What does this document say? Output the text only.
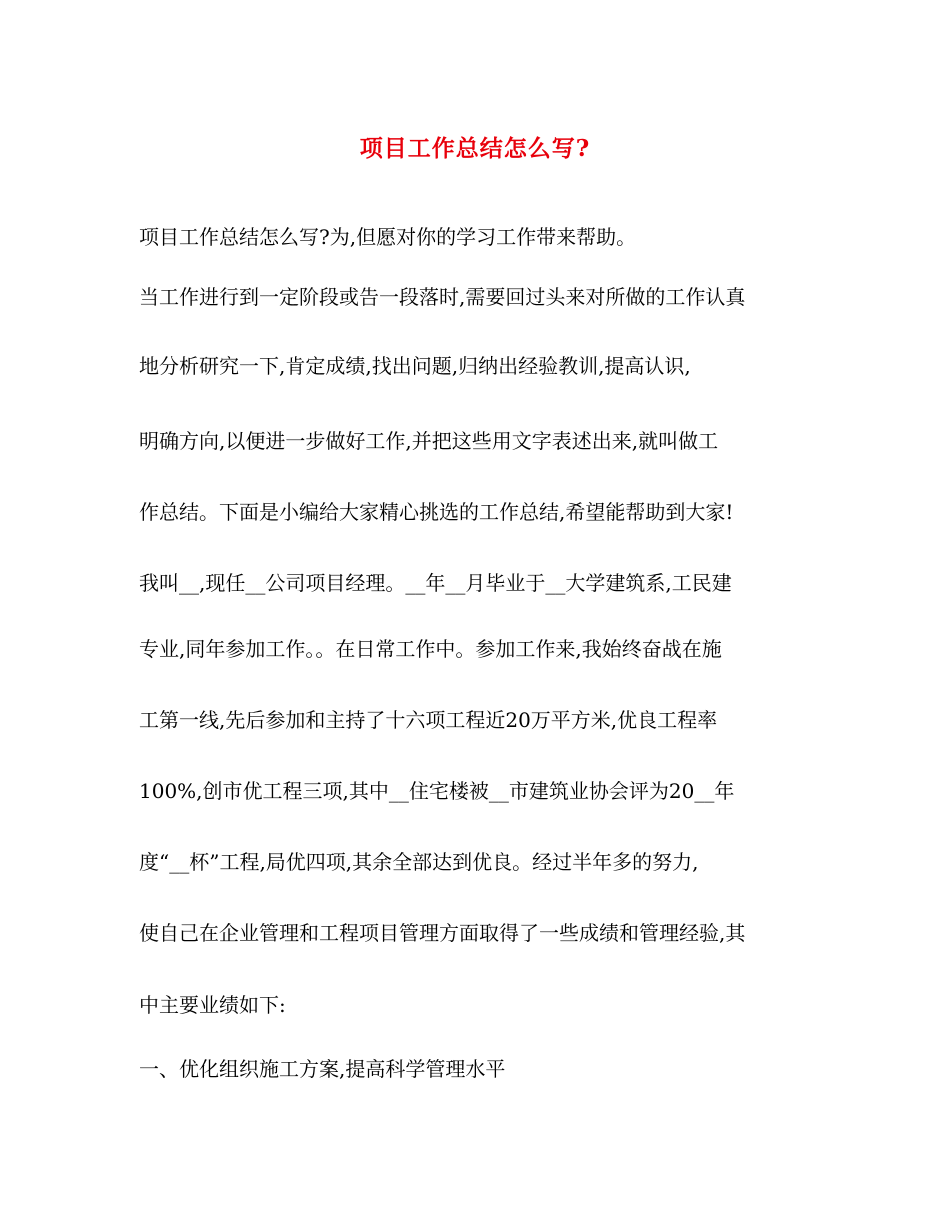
项目工作总结怎么写?

项目工作总结怎么写?为,但愿对你的学习工作带来帮助。

当工作进行到一定阶段或告一段落时,需要回过头来对所做的工作认真

地分析研究一下,肯定成绩,找出问题,归纳出经验教训,提高认识,

明确方向,以便进一步做好工作,并把这些用文字表述出来,就叫做工

作总结。下面是小编给大家精心挑选的工作总结,希望能帮助到大家!

我叫__,现任__公司项目经理。__年__月毕业于__大学建筑系,工民建

专业,同年参加工作。。在日常工作中。参加工作来,我始终奋战在施

工第一线,先后参加和主持了十六项工程近20万平方米,优良工程率

100%,创市优工程三项,其中__住宅楼被__市建筑业协会评为20__年

度“__杯”工程,局优四项,其余全部达到优良。经过半年多的努力,

使自己在企业管理和工程项目管理方面取得了一些成绩和管理经验,其

中主要业绩如下:

一、优化组织施工方案,提高科学管理水平
